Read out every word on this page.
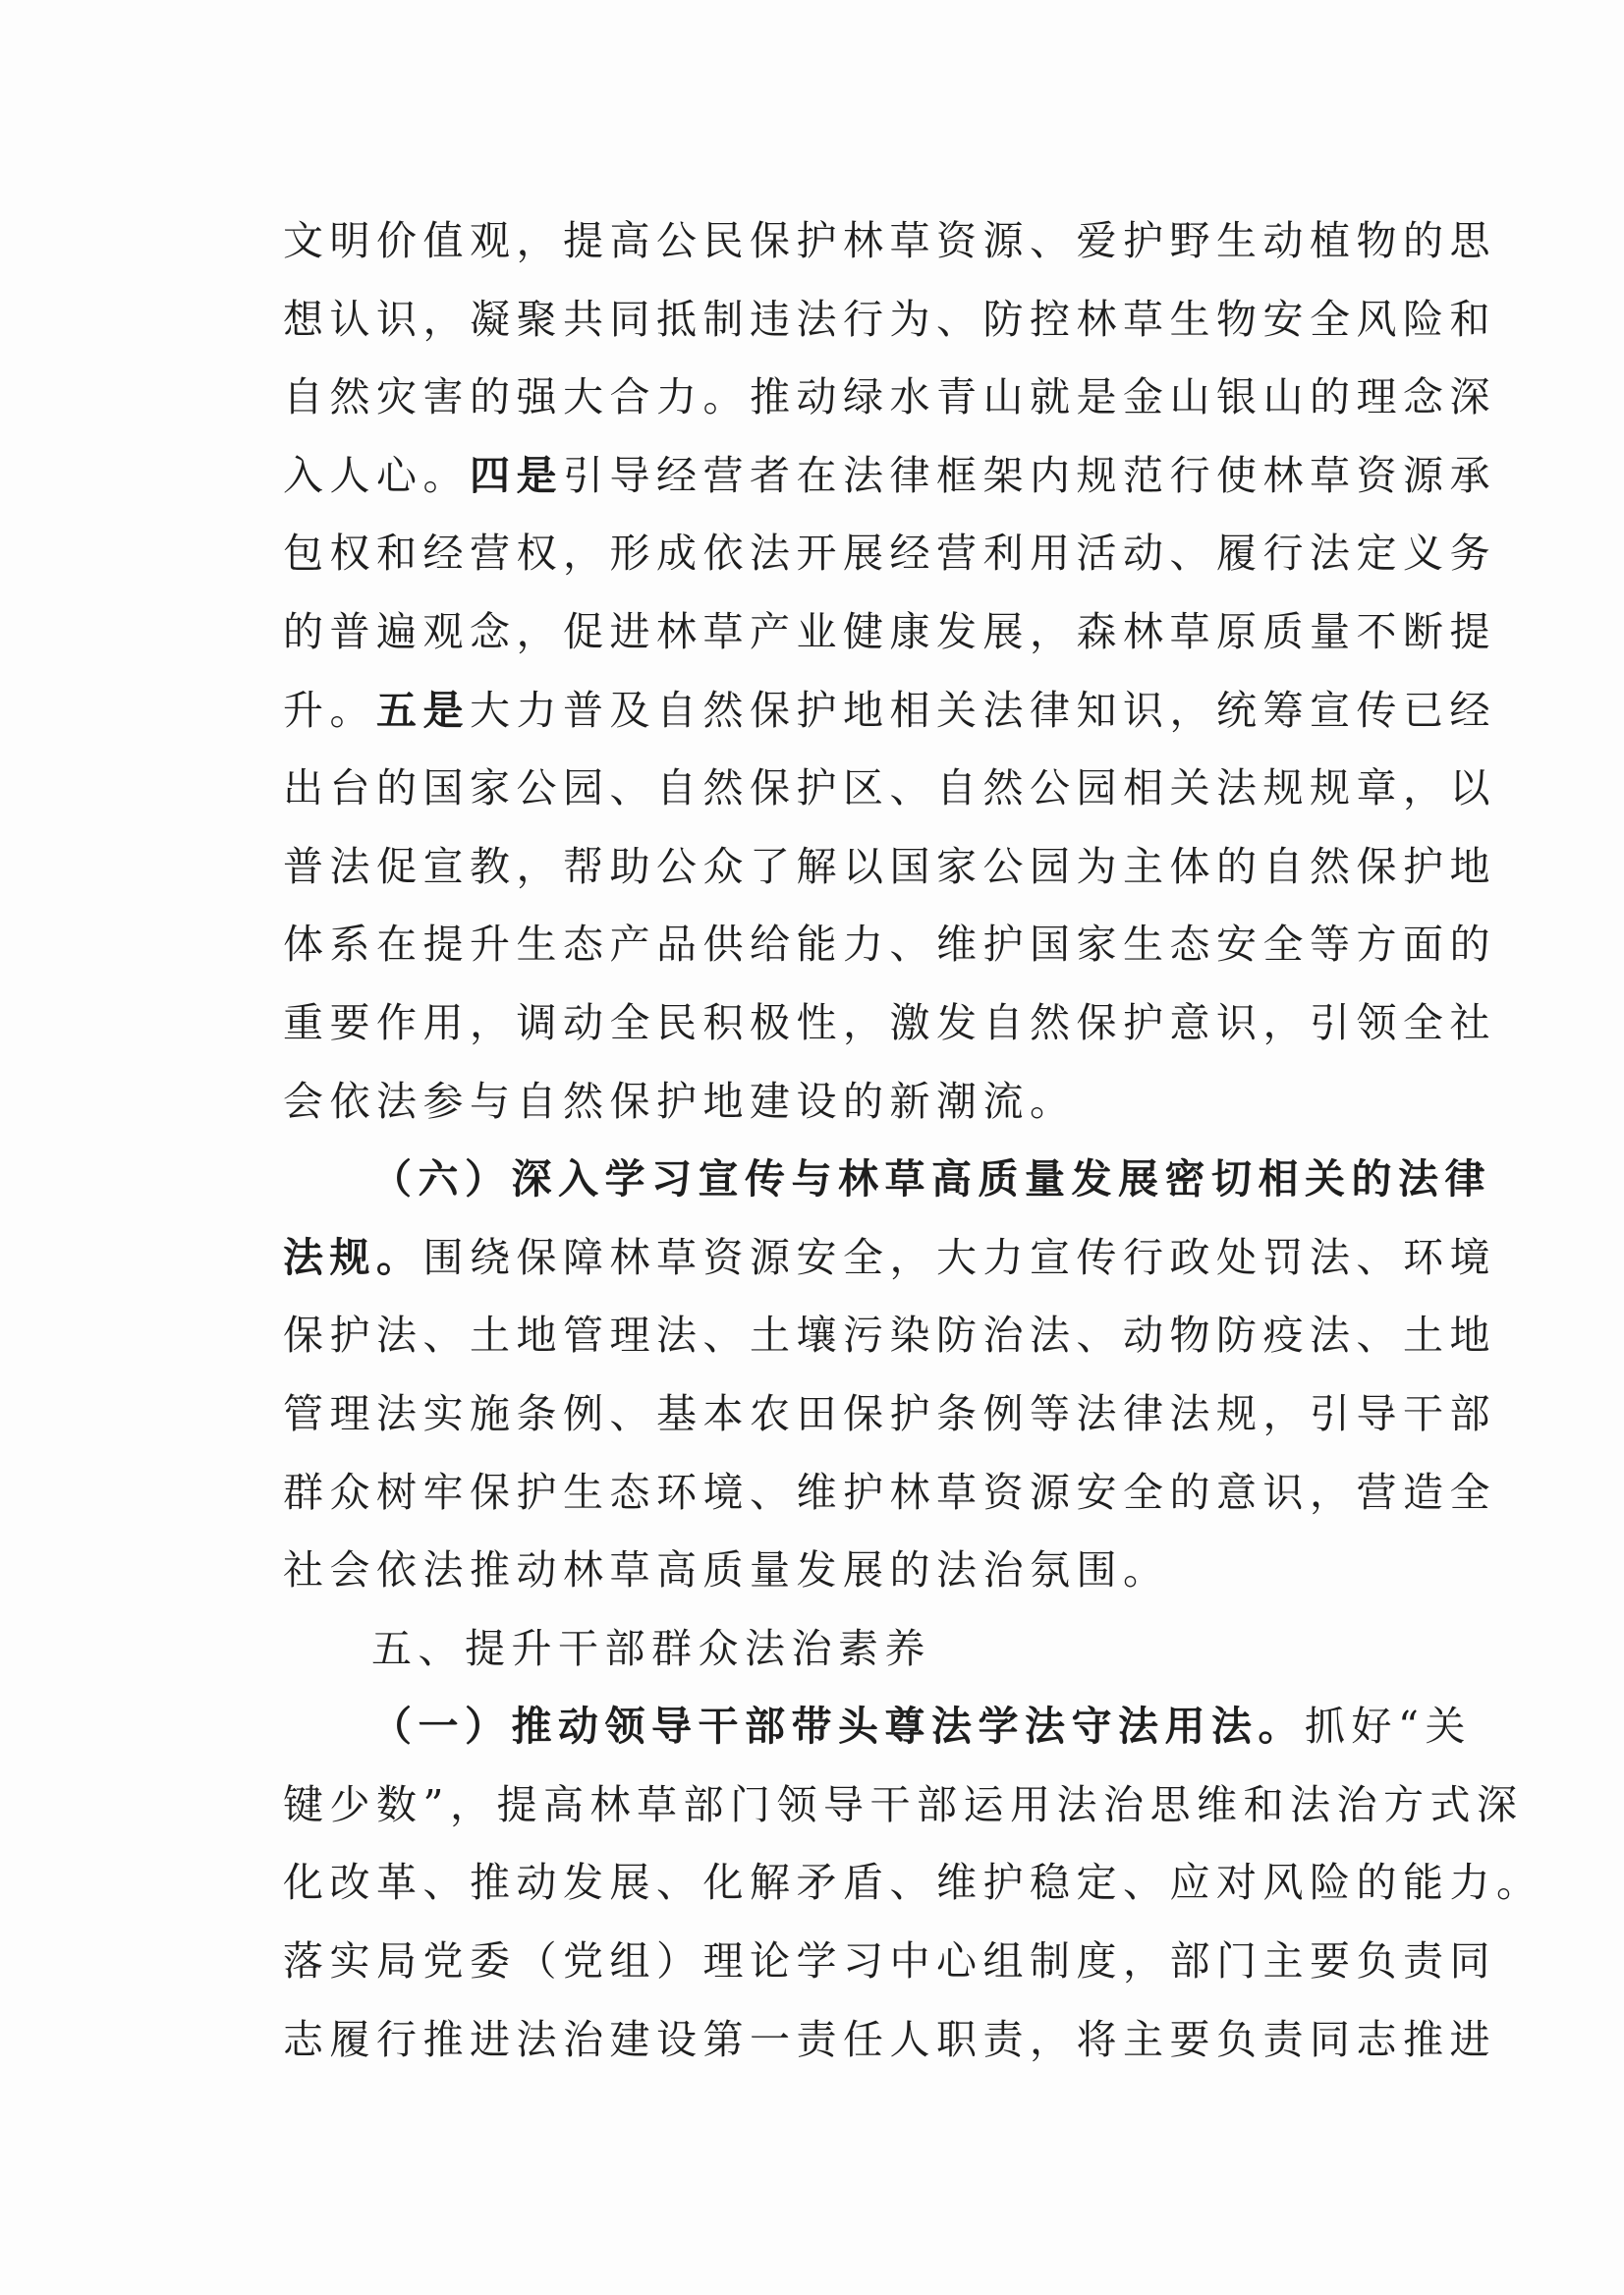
文明价值观，提高公民保护林草资源、爱护野生动植物的思
想认识，凝聚共同抵制违法行为、防控林草生物安全风险和
自然灾害的强大合力。推动绿水青山就是金山银山的理念深
入人心。四是引导经营者在法律框架内规范行使林草资源承
包权和经营权，形成依法开展经营利用活动、履行法定义务
的普遍观念，促进林草产业健康发展，森林草原质量不断提
升。五是大力普及自然保护地相关法律知识，统筹宣传已经
出台的国家公园、自然保护区、自然公园相关法规规章，以
普法促宣教，帮助公众了解以国家公园为主体的自然保护地
体系在提升生态产品供给能力、维护国家生态安全等方面的
重要作用，调动全民积极性，激发自然保护意识，引领全社
会依法参与自然保护地建设的新潮流。
（六）深入学习宣传与林草高质量发展密切相关的法律
法规。围绕保障林草资源安全，大力宣传行政处罚法、环境
保护法、土地管理法、土壤污染防治法、动物防疫法、土地
管理法实施条例、基本农田保护条例等法律法规，引导干部
群众树牢保护生态环境、维护林草资源安全的意识，营造全
社会依法推动林草高质量发展的法治氛围。
五、提升干部群众法治素养
（一）推动领导干部带头尊法学法守法用法。抓好“关
键少数”，提高林草部门领导干部运用法治思维和法治方式深
化改革、推动发展、化解矛盾、维护稳定、应对风险的能力。
落实局党委（党组）理论学习中心组制度，部门主要负责同
志履行推进法治建设第一责任人职责，将主要负责同志推进
